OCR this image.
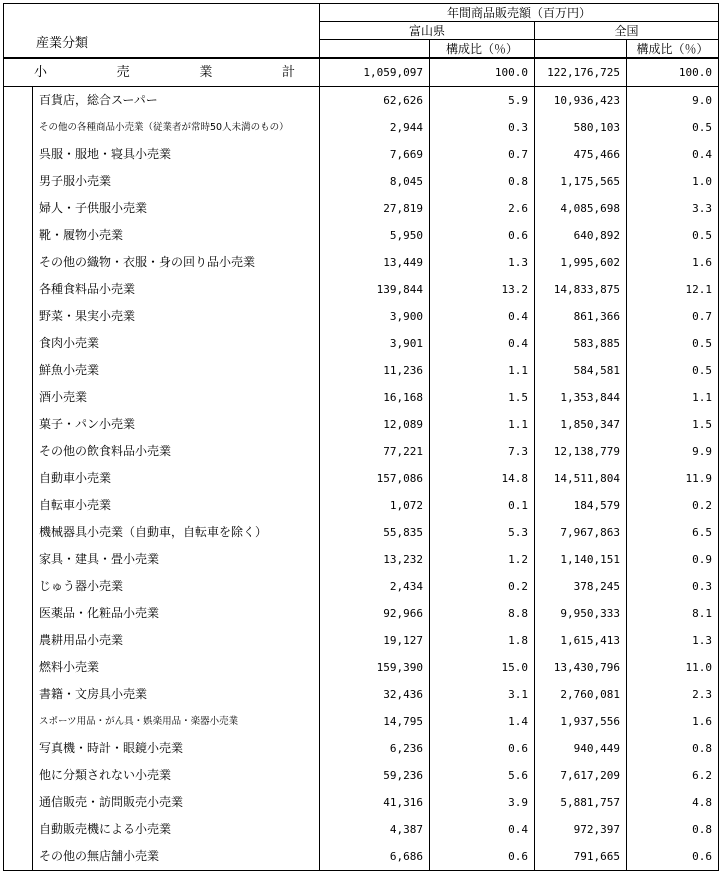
産業分類		年間商品販売額（百万円）			
		富山県		全国	
			構成比（％）		構成比（％）

小 売 業 計		1,059,097	100.0	122,176,725	100.0
	百貨店，総合スーパー	62,626	5.9	10,936,423	9.0
	その他の各種商品小売業（従業者が常時50人未満のもの）	2,944	0.3	580,103	0.5
	呉服・服地・寝具小売業	7,669	0.7	475,466	0.4
	男子服小売業	8,045	0.8	1,175,565	1.0
	婦人・子供服小売業	27,819	2.6	4,085,698	3.3
	靴・履物小売業	5,950	0.6	640,892	0.5
	その他の織物・衣服・身の回り品小売業	13,449	1.3	1,995,602	1.6
	各種食料品小売業	139,844	13.2	14,833,875	12.1
	野菜・果実小売業	3,900	0.4	861,366	0.7
	食肉小売業	3,901	0.4	583,885	0.5
	鮮魚小売業	11,236	1.1	584,581	0.5
	酒小売業	16,168	1.5	1,353,844	1.1
	菓子・パン小売業	12,089	1.1	1,850,347	1.5
	その他の飲食料品小売業	77,221	7.3	12,138,779	9.9
	自動車小売業	157,086	14.8	14,511,804	11.9
	自転車小売業	1,072	0.1	184,579	0.2
	機械器具小売業（自動車，自転車を除く）	55,835	5.3	7,967,863	6.5
	家具・建具・畳小売業	13,232	1.2	1,140,151	0.9
	じゅう器小売業	2,434	0.2	378,245	0.3
	医薬品・化粧品小売業	92,966	8.8	9,950,333	8.1
	農耕用品小売業	19,127	1.8	1,615,413	1.3
	燃料小売業	159,390	15.0	13,430,796	11.0
	書籍・文房具小売業	32,436	3.1	2,760,081	2.3
	スポーツ用品・がん具・娯楽用品・楽器小売業	14,795	1.4	1,937,556	1.6
	写真機・時計・眼鏡小売業	6,236	0.6	940,449	0.8
	他に分類されない小売業	59,236	5.6	7,617,209	6.2
	通信販売・訪問販売小売業	41,316	3.9	5,881,757	4.8
	自動販売機による小売業	4,387	0.4	972,397	0.8
	その他の無店舗小売業	6,686	0.6	791,665	0.6
